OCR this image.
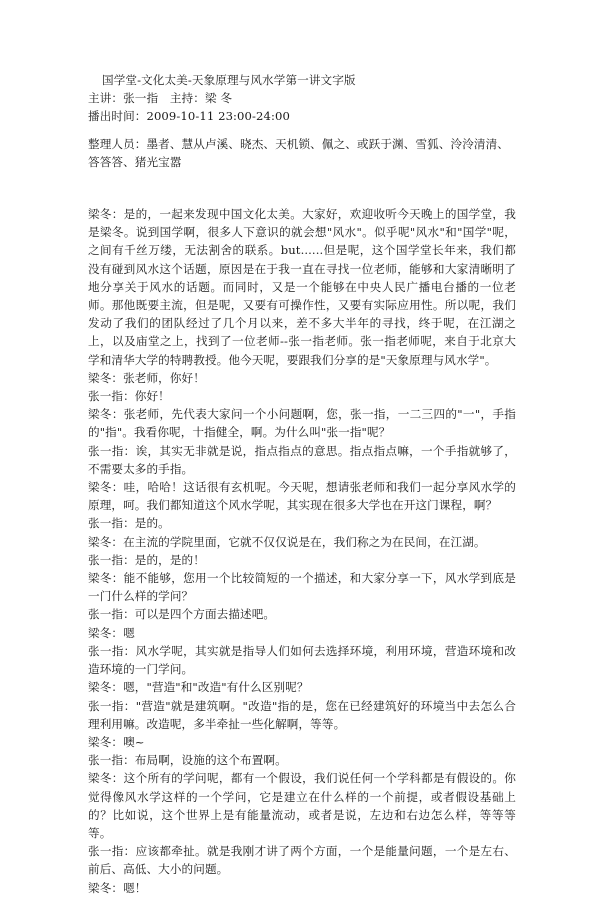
国学堂-文化太美-天象原理与风水学第一讲文字版
主讲：张一指　主持：梁 冬
播出时间：2009-10-11 23:00-24:00
整理人员：墨者、慧从卢溪、晓杰、天机锁、佩之、或跃于渊、雪狐、泠泠清清、答答答、猪光宝嚣
梁冬：是的，一起来发现中国文化太美。大家好，欢迎收听今天晚上的国学堂，我是梁冬。说到国学啊，很多人下意识的就会想"风水"。似乎呢"风水"和"国学"呢，之间有千丝万缕，无法割舍的联系。but......但是呢，这个国学堂长年来，我们都没有碰到风水这个话题，原因是在于我一直在寻找一位老师，能够和大家清晰明了地分享关于风水的话题。而同时，又是一个能够在中央人民广播电台播的一位老师。那他既要主流，但是呢，又要有可操作性，又要有实际应用性。所以呢，我们发动了我们的团队经过了几个月以来，差不多大半年的寻找，终于呢，在江湖之上，以及庙堂之上，找到了一位老师--张一指老师。张一指老师呢，来自于北京大学和清华大学的特聘教授。他今天呢，要跟我们分享的是"天象原理与风水学"。
梁冬：张老师，你好！
张一指：你好！
梁冬：张老师，先代表大家问一个小问题啊，您，张一指，一二三四的"一"，手指的"指"。我看你呢，十指健全，啊。为什么叫"张一指"呢？
张一指：诶，其实无非就是说，指点指点的意思。指点指点嘛，一个手指就够了，不需要太多的手指。
梁冬：哇，哈哈！这话很有玄机呢。今天呢，想请张老师和我们一起分享风水学的原理，呵。我们都知道这个风水学呢，其实现在很多大学也在开这门课程，啊？
张一指：是的。
梁冬：在主流的学院里面，它就不仅仅说是在，我们称之为在民间，在江湖。
张一指：是的，是的！
梁冬：能不能够，您用一个比较简短的一个描述，和大家分享一下，风水学到底是一门什么样的学问？
张一指：可以是四个方面去描述吧。
梁冬：嗯
张一指：风水学呢，其实就是指导人们如何去选择环境，利用环境，营造环境和改造环境的一门学问。
梁冬：嗯，"营造"和"改造"有什么区别呢？
张一指："营造"就是建筑啊。"改造"指的是，您在已经建筑好的环境当中去怎么合理利用嘛。改造呢，多半牵扯一些化解啊，等等。
梁冬：噢~
张一指：布局啊，设施的这个布置啊。
梁冬：这个所有的学问呢，都有一个假设，我们说任何一个学科都是有假设的。你觉得像风水学这样的一个学问，它是建立在什么样的一个前提，或者假设基础上的？比如说，这个世界上是有能量流动，或者是说，左边和右边怎么样，等等等等。
张一指：应该都牵扯。就是我刚才讲了两个方面，一个是能量问题，一个是左右、前后、高低、大小的问题。
梁冬：嗯！
